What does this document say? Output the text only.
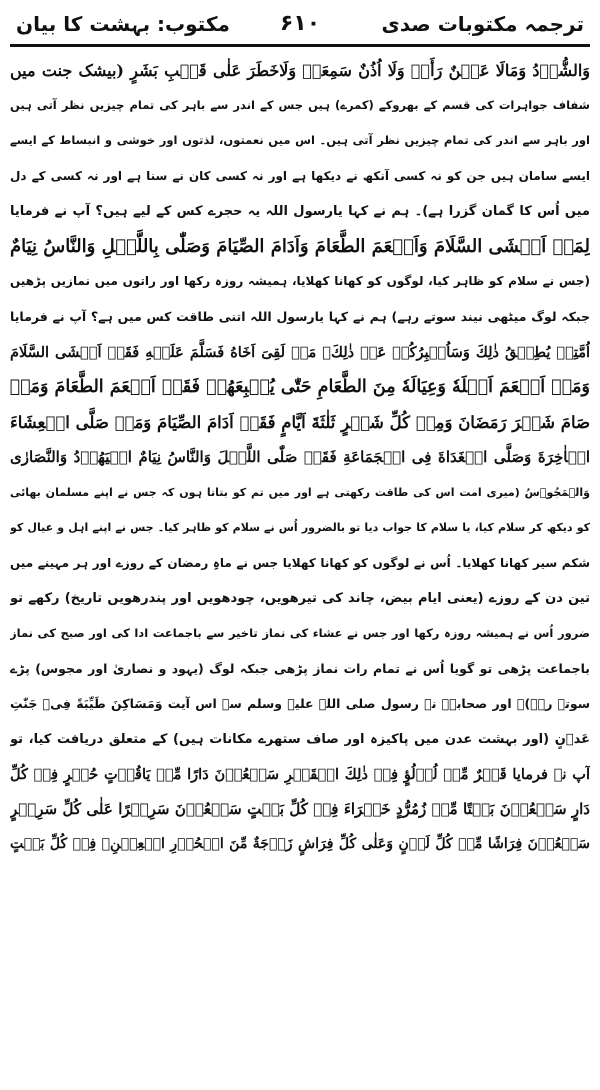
ترجمہ مکتوبات صدی
۶۱۰
مکتوب: بہشت کا بیان
وَالشُّوۡدُ وَمَالَا عَیۡنٌ رَأَتۡ وَلَا اُذُنٌ سَمِعَتۡ وَلَاخَطَرَ عَلٰی قَلۡبِ بَشَرٍ (بیشک جنت میں
شفاف جواہرات کی قسم کے بھروکے (کمرے) ہیں جس کے اندر سے باہر کی تمام چیزیں نظر آتی ہیں
اور باہر سے اندر کی تمام چیزیں نظر آتی ہیں۔ اس میں نعمتوں، لذتوں اور خوشی و انبساط کے ایسے
ایسے سامان ہیں جن کو نہ کسی آنکھ نے دیکھا ہے اور نہ کسی کان نے سنا ہے اور نہ کسی کے دل
میں اُس کا گمان گزرا ہے)۔ ہم نے کہا یارسول اللہ یہ حجرے کس کے لیے ہیں؟ آپ نے فرمایا
لِمَنۡ اَفۡشَی السَّلَامَ وَاَطۡعَمَ الطَّعَامَ وَاَدَامَ الصِّیَامَ وَصَلّٰی بِاللَّیۡلِ وَالنَّاسُ نِیَامٌ
(جس نے سلام کو ظاہر کیا، لوگوں کو کھانا کھلایا، ہمیشہ روزہ رکھا اور راتوں میں نمازیں پڑھیں
جبکہ لوگ میٹھی نیند سوتے رہے) ہم نے کہا یارسول اللہ اتنی طاقت کس میں ہے؟ آپ نے فرمایا
اُمَّتِیۡ یُطِیۡقُ ذٰلِكَ وَسَاُخۡبِرُكُمۡ عَنۡ ذٰلِكَ۔ مَنۡ لَقِیَ اَخَاهُ فَسَلَّمَ عَلَیۡهِ فَقَدۡ اَفۡشَی السَّلَامَ
وَمَنۡ اَطۡعَمَ اَهۡلَهٗ وَعِیَالَهٗ مِنَ الطَّعَامِ حَتّٰی یُشۡبِعَهُمۡ فَقَدۡ اَطۡعَمَ الطَّعَامَ وَمَنۡ
صَامَ شَهۡرَ رَمَضَانَ وَمِنۡ كُلِّ شَهۡرٍ ثَلٰثَةَ اَیَّامٍ فَقَدۡ اَدَامَ الصِّیَامَ وَمَنۡ صَلَّی الۡعِشَاءَ
الۡاٰخِرَةَ وَصَلَّی الۡغَدَاةَ فِی الۡجَمَاعَةِ فَقَدۡ صَلّٰی اللَّیۡلَ وَالنَّاسُ نِیَامٌ الۡیَهُوۡدُ وَالنَّصَارٰی
وَالۡمَجُوۡسُ (میری امت اس کی طاقت رکھتی ہے اور میں تم کو بتاتا ہوں کہ جس نے اپنے مسلمان بھائی
کو دیکھ کر سلام کیا، یا سلام کا جواب دیا تو بالضرور اُس نے سلام کو ظاہر کیا۔ جس نے اپنے اہل و عیال کو
شکم سیر کھانا کھلایا۔ اُس نے لوگوں کو کھانا کھلایا جس نے ماہِ رمضان کے روزے اور ہر مہینے میں
تین دن کے روزے (یعنی ایام بیض، چاند کی تیرھویں، چودھویں اور پندرھویں تاریخ) رکھے تو
ضرور اُس نے ہمیشہ روزہ رکھا اور جس نے عشاء کی نماز تاخیر سے باجماعت ادا کی اور صبح کی نماز
باجماعت پڑھی تو گویا اُس نے تمام رات نماز پڑھی جبکہ لوگ (یہود و نصاریٰ اور مجوس) پڑے
سوتے رہے)۔ اور صحابہؓ نے رسول صلی اللہ علیہ وسلم سے اس آیت وَمَسَاكِنَ طَیِّبَةً فِیۡ جَنّٰتِ
عَدۡنٍ (اور بہشت عدن میں پاکیزہ اور صاف ستھرے مکانات ہیں) کے متعلق دریافت کیا، تو
آپ نے فرمایا قَصۡرٌ مِّنۡ لُؤۡلُؤٍ فِیۡ ذٰلِكَ الۡقَصۡرِ سَبۡعُوۡنَ دَارًا مِّنۡ یَاقُوۡتٍ حُمۡرٍ فِیۡ كُلِّ
دَارٍ سَبۡعُوۡنَ بَیۡتًا مِّنۡ زُمُرُّدٍ خَضۡرَاءَ فِیۡ كُلِّ بَیۡتٍ سَبۡعُوۡنَ سَرِیۡرًا عَلٰی كُلِّ سَرِیۡرٍ
سَبۡعُوۡنَ فِرَاشًا مِّنۡ كُلِّ لَوۡنٍ وَعَلٰی كُلِّ فِرَاشٍ زَوۡجَةٌ مِّنَ الۡحُوۡرِ الۡعِیۡنِ۔ فِیۡ كُلِّ بَیۡتٍ
